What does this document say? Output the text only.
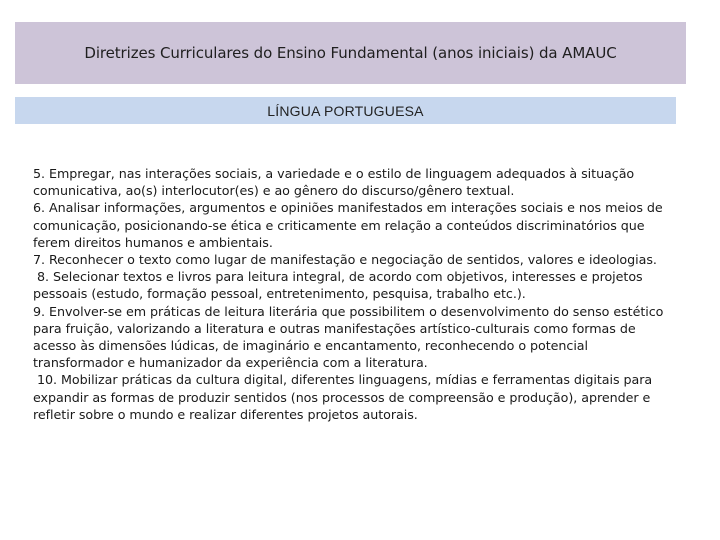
Diretrizes Curriculares do Ensino Fundamental (anos iniciais) da AMAUC
LÍNGUA PORTUGUESA

5. Empregar, nas interações sociais, a variedade e o estilo de linguagem adequados à situação comunicativa, ao(s) interlocutor(es) e ao gênero do discurso/gênero textual.

6. Analisar informações, argumentos e opiniões manifestados em interações sociais e nos meios de comunicação, posicionando-se ética e criticamente em relação a conteúdos discriminatórios que ferem direitos humanos e ambientais.

7. Reconhecer o texto como lugar de manifestação e negociação de sentidos, valores e ideologias.

8. Selecionar textos e livros para leitura integral, de acordo com objetivos, interesses e projetos pessoais (estudo, formação pessoal, entretenimento, pesquisa, trabalho etc.).

9. Envolver-se em práticas de leitura literária que possibilitem o desenvolvimento do senso estético para fruição, valorizando a literatura e outras manifestações artístico-culturais como formas de acesso às dimensões lúdicas, de imaginário e encantamento, reconhecendo o potencial transformador e humanizador da experiência com a literatura.

10. Mobilizar práticas da cultura digital, diferentes linguagens, mídias e ferramentas digitais para expandir as formas de produzir sentidos (nos processos de compreensão e produção), aprender e refletir sobre o mundo e realizar diferentes projetos autorais.
